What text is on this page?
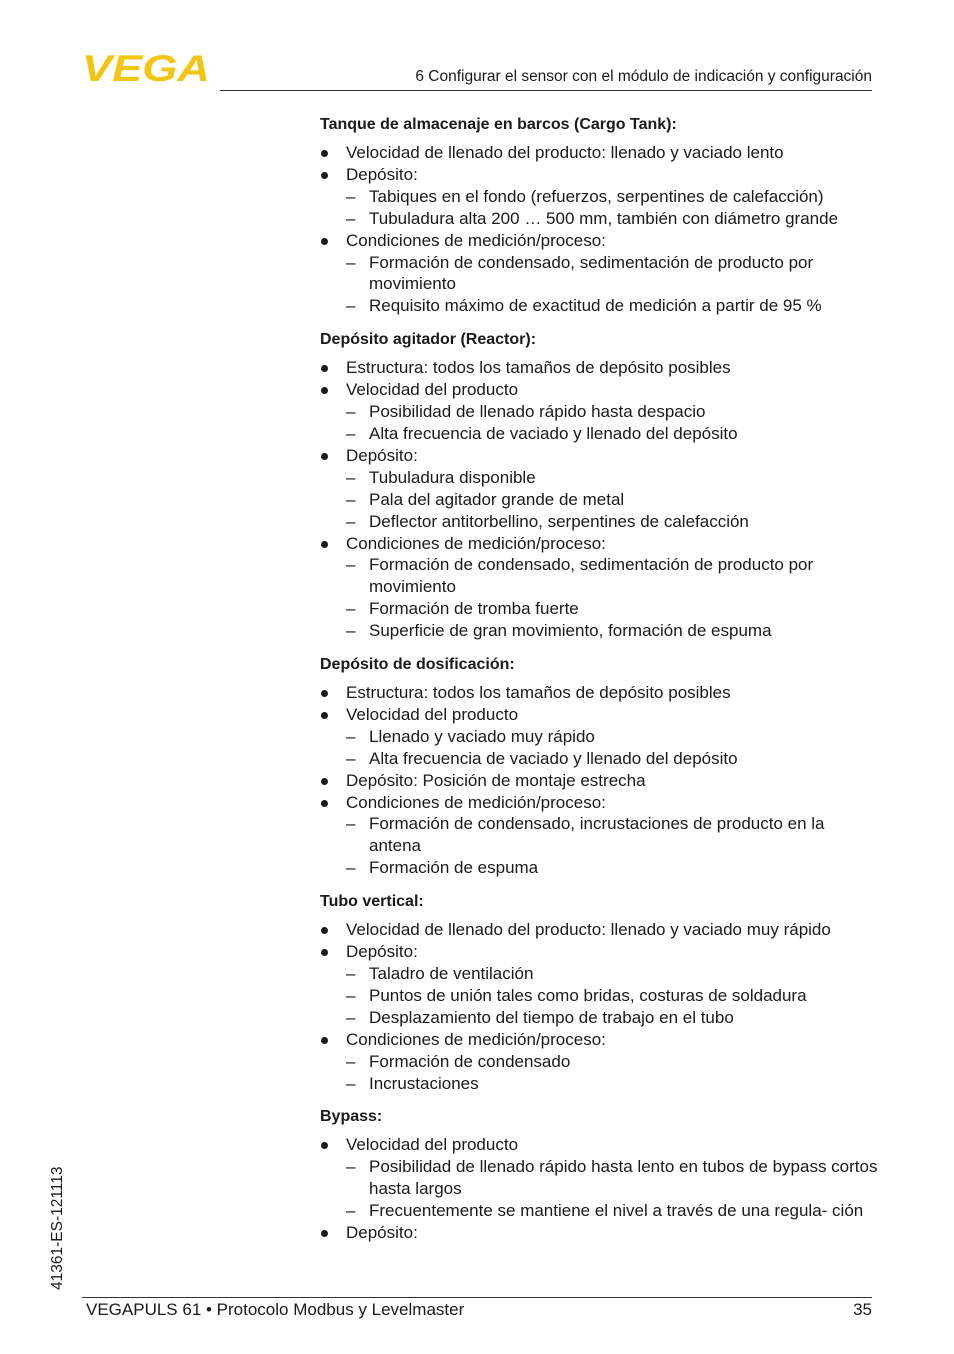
VEGA	6 Configurar el sensor con el módulo de indicación y configuración
Tanque de almacenaje en barcos (Cargo Tank):
Velocidad de llenado del producto: llenado y vaciado lento
Depósito:
– Tabiques en el fondo (refuerzos, serpentines de calefacción)
– Tubuladura alta 200 … 500 mm, también con diámetro grande
Condiciones de medición/proceso:
– Formación de condensado, sedimentación de producto por movimiento
– Requisito máximo de exactitud de medición a partir de 95 %
Depósito agitador (Reactor):
Estructura: todos los tamaños de depósito posibles
Velocidad del producto
– Posibilidad de llenado rápido hasta despacio
– Alta frecuencia de vaciado y llenado del depósito
Depósito:
– Tubuladura disponible
– Pala del agitador grande de metal
– Deflector antitorbellino, serpentines de calefacción
Condiciones de medición/proceso:
– Formación de condensado, sedimentación de producto por movimiento
– Formación de tromba fuerte
– Superficie de gran movimiento, formación de espuma
Depósito de dosificación:
Estructura: todos los tamaños de depósito posibles
Velocidad del producto
– Llenado y vaciado muy rápido
– Alta frecuencia de vaciado y llenado del depósito
Depósito: Posición de montaje estrecha
Condiciones de medición/proceso:
– Formación de condensado, incrustaciones de producto en la antena
– Formación de espuma
Tubo vertical:
Velocidad de llenado del producto: llenado y vaciado muy rápido
Depósito:
– Taladro de ventilación
– Puntos de unión tales como bridas, costuras de soldadura
– Desplazamiento del tiempo de trabajo en el tubo
Condiciones de medición/proceso:
– Formación de condensado
– Incrustaciones
Bypass:
Velocidad del producto
– Posibilidad de llenado rápido hasta lento en tubos de bypass cortos hasta largos
– Frecuentemente se mantiene el nivel a través de una regula- ción
Depósito:
41361-ES-121113
VEGAPULS 61 • Protocolo Modbus y Levelmaster	35
